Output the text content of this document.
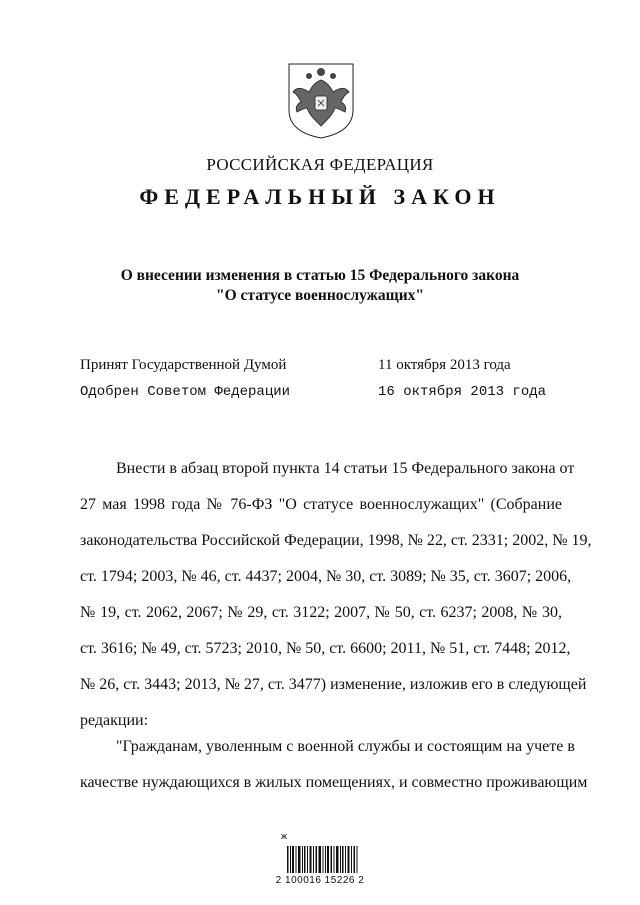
РОССИЙСКАЯ ФЕДЕРАЦИЯ
ФЕДЕРАЛЬНЫЙ ЗАКОН
О внесении изменения в статью 15 Федерального закона
"О статусе военнослужащих"
Принят Государственной Думой	11 октября 2013 года
Одобрен Советом Федерации	16 октября 2013 года
Внести в абзац второй пункта 14 статьи 15 Федерального закона от
27 мая 1998 года № 76-ФЗ "О статусе военнослужащих" (Собрание
законодательства Российской Федерации, 1998, № 22, ст. 2331; 2002, № 19,
ст. 1794; 2003, № 46, ст. 4437; 2004, № 30, ст. 3089; № 35, ст. 3607; 2006,
№ 19, ст. 2062, 2067; № 29, ст. 3122; 2007, № 50, ст. 6237; 2008, № 30,
ст. 3616; № 49, ст. 5723; 2010, № 50, ст. 6600; 2011, № 51, ст. 7448; 2012,
№ 26, ст. 3443; 2013, № 27, ст. 3477) изменение, изложив его в следующей
редакции:
"Гражданам, уволенным с военной службы и состоящим на учете в
качестве нуждающихся в жилых помещениях, и совместно проживающим
ж
2 100016 15226 2
